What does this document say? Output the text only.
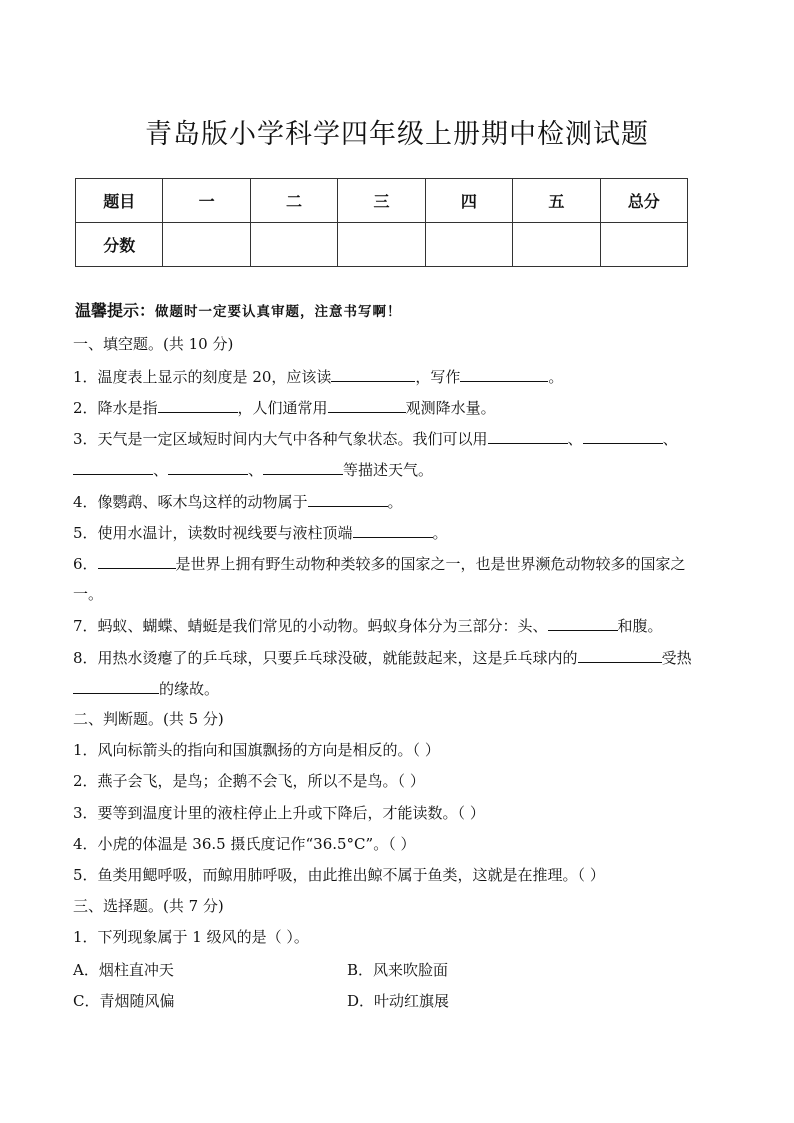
青岛版小学科学四年级上册期中检测试题
题目	一	二	三	四	五	总分
分数						
温馨提示：做题时一定要认真审题，注意书写啊！
一、填空题。(共 10 分)
1．温度表上显示的刻度是 20，应该读	，写作	。
2．降水是指	，人们通常用	观测降水量。
3．天气是一定区域短时间内大气中各种气象状态。我们可以用	、	、
、	、	等描述天气。
4．像鹦鹉、啄木鸟这样的动物属于	。
5．使用水温计，读数时视线要与液柱顶端	。
6．	是世界上拥有野生动物种类较多的国家之一，也是世界濒危动物较多的国家之
一。
7．蚂蚁、蝴蝶、蜻蜓是我们常见的小动物。蚂蚁身体分为三部分：头、	和腹。
8．用热水烫瘪了的乒乓球，只要乒乓球没破，就能鼓起来，这是乒乓球内的	受热
的缘故。
二、判断题。(共 5 分)
1．风向标箭头的指向和国旗飘扬的方向是相反的。（ ）
2．燕子会飞，是鸟；企鹅不会飞，所以不是鸟。（ ）
3．要等到温度计里的液柱停止上升或下降后，才能读数。（ ）
4．小虎的体温是 36.5 摄氏度记作“36.5°C”。（ ）
5．鱼类用鳃呼吸，而鲸用肺呼吸，由此推出鲸不属于鱼类，这就是在推理。（ ）
三、选择题。(共 7 分)
1．下列现象属于 1 级风的是（ ）。
A．烟柱直冲天	B．风来吹脸面
C．青烟随风偏	D．叶动红旗展
